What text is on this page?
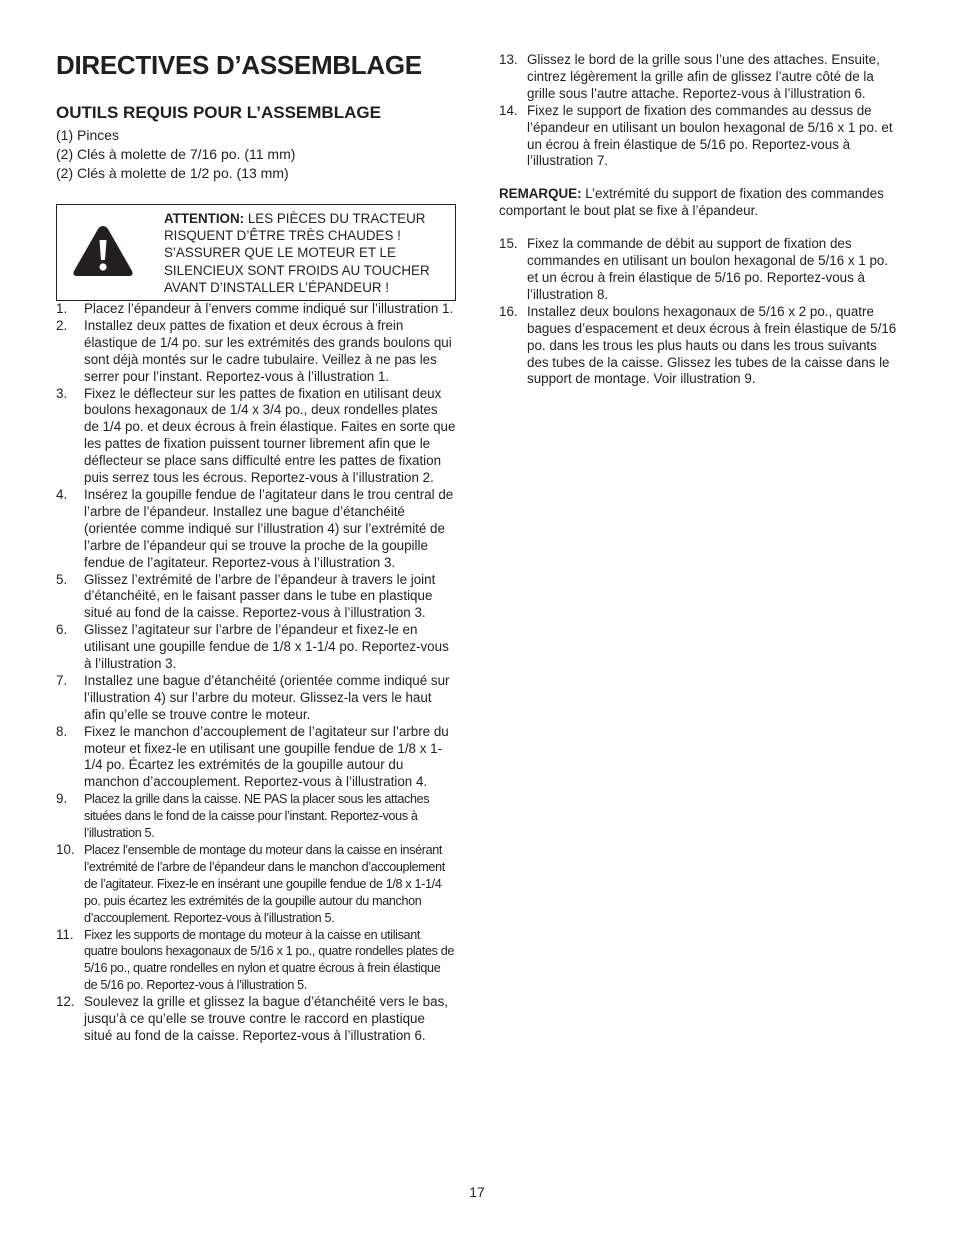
DIRECTIVES D’ASSEMBLAGE
OUTILS REQUIS POUR L’ASSEMBLAGE
(1) Pinces
(2) Clés à molette de 7/16 po. (11 mm)
(2) Clés à molette de 1/2 po. (13 mm)
ATTENTION: LES PIÈCES DU TRACTEUR RISQUENT D’ÊTRE TRÈS CHAUDES ! S’ASSURER QUE LE MOTEUR ET LE SILENCIEUX SONT FROIDS AU TOUCHER AVANT D’INSTALLER L’ÉPANDEUR !
1. Placez l’épandeur à l’envers comme indiqué sur l’illustration 1.
2. Installez deux pattes de fixation et deux écrous à frein élastique de 1/4 po. sur les extrémités des grands boulons qui sont déjà montés sur le cadre tubulaire. Veillez à ne pas les serrer pour l’instant. Reportez-vous à l’illustration 1.
3. Fixez le déflecteur sur les pattes de fixation en utilisant deux boulons hexagonaux de 1/4 x 3/4 po., deux rondelles plates de 1/4 po. et deux écrous à frein élastique. Faites en sorte que les pattes de fixation puissent tourner librement afin que le déflecteur se place sans difficulté entre les pattes de fixation puis serrez tous les écrous. Reportez-vous à l’illustration 2.
4. Insérez la goupille fendue de l’agitateur dans le trou central de l’arbre de l’épandeur. Installez une bague d’étanchéité (orientée comme indiqué sur l’illustration 4) sur l’extrémité de l’arbre de l’épandeur qui se trouve la proche de la goupille fendue de l’agitateur. Reportez-vous à l’illustration 3.
5. Glissez l’extrémité de l’arbre de l’épandeur à travers le joint d’étanchéité, en le faisant passer dans le tube en plastique situé au fond de la caisse. Reportez-vous à l’illustration 3.
6. Glissez l’agitateur sur l’arbre de l’épandeur et fixez-le en utilisant une goupille fendue de 1/8 x 1-1/4 po. Reportez-vous à l’illustration 3.
7. Installez une bague d’étanchéité (orientée comme indiqué sur l’illustration 4) sur l’arbre du moteur. Glissez-la vers le haut afin qu’elle se trouve contre le moteur.
8. Fixez le manchon d’accouplement de l’agitateur sur l’arbre du moteur et fixez-le en utilisant une goupille fendue de 1/8 x 1-1/4 po. Écartez les extrémités de la goupille autour du manchon d’accouplement. Reportez-vous à l’illustration 4.
9. Placez la grille dans la caisse. NE PAS la placer sous les attaches situées dans le fond de la caisse pour l’instant. Reportez-vous à l’illustration 5.
10. Placez l’ensemble de montage du moteur dans la caisse en insérant l’extrémité de l’arbre de l’épandeur dans le manchon d’accouplement de l’agitateur. Fixez-le en insérant une goupille fendue de 1/8 x 1-1/4 po. puis écartez les extrémités de la goupille autour du manchon d’accouplement. Reportez-vous à l’illustration 5.
11. Fixez les supports de montage du moteur à la caisse en utilisant quatre boulons hexagonaux de 5/16 x 1 po., quatre rondelles plates de 5/16 po., quatre rondelles en nylon et quatre écrous à frein élastique de 5/16 po. Reportez-vous à l’illustration 5.
12. Soulevez la grille et glissez la bague d’étanchéité vers le bas, jusqu’à ce qu’elle se trouve contre le raccord en plastique situé au fond de la caisse. Reportez-vous à l’illustration 6.
13. Glissez le bord de la grille sous l’une des attaches. Ensuite, cintrez légèrement la grille afin de glissez l’autre côté de la grille sous l’autre attache. Reportez-vous à l’illustration 6.
14. Fixez le support de fixation des commandes au dessus de l’épandeur en utilisant un boulon hexagonal de 5/16 x 1 po. et un écrou à frein élastique de 5/16 po. Reportez-vous à l’illustration 7.

REMARQUE: L’extrémité du support de fixation des commandes comportant le bout plat se fixe à l’épandeur.

15. Fixez la commande de débit au support de fixation des commandes en utilisant un boulon hexagonal de 5/16 x 1 po. et un écrou à frein élastique de 5/16 po. Reportez-vous à l’illustration 8.
16. Installez deux boulons hexagonaux de 5/16 x 2 po., quatre bagues d’espacement et deux écrous à frein élastique de 5/16 po. dans les trous les plus hauts ou dans les trous suivants des tubes de la caisse. Glissez les tubes de la caisse dans le support de montage. Voir illustration 9.
17
